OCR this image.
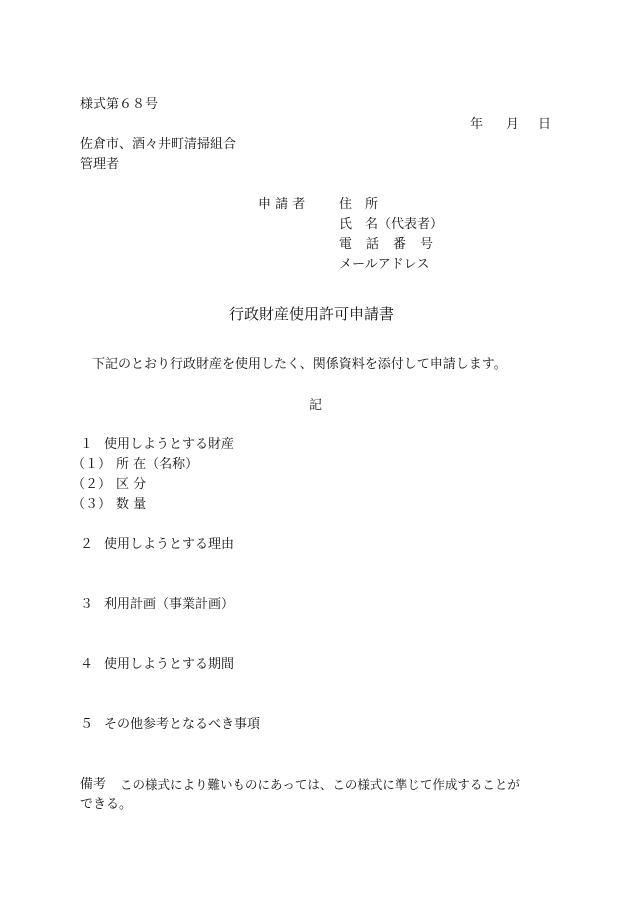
様式第６８号
年 月 日
佐倉市、酒々井町清掃組合
管理者
申 請 者	住　所
氏　名（代表者）
電 話 番 号
メールアドレス
行政財産使用許可申請書
下記のとおり行政財産を使用したく、関係資料を添付して申請します。
記
１ 使用しようとする財産
（１） 所 在（名称）
（２） 区 分
（３） 数 量
２ 使用しようとする理由
３ 利用計画（事業計画）
４ 使用しようとする期間
５ その他参考となるべき事項
備考 この様式により難いものにあっては、この様式に準じて作成することが
できる。
